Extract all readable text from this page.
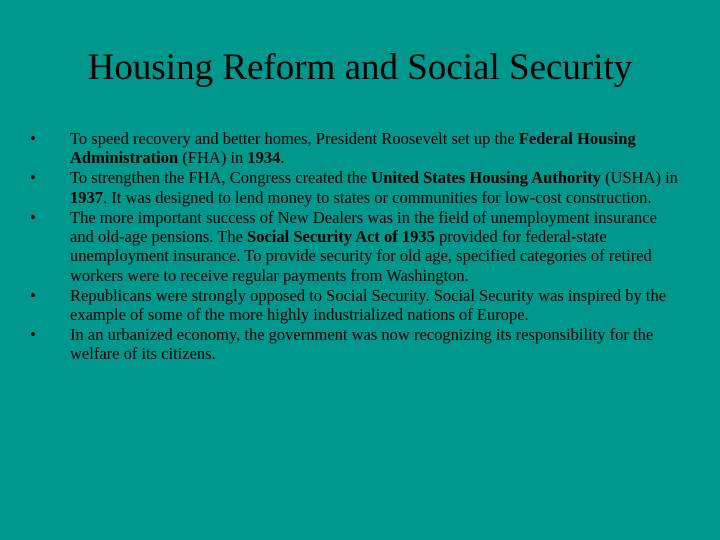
Housing Reform and Social Security
•	To speed recovery and better homes, President Roosevelt set up the Federal Housing Administration (FHA) in 1934.
•	To strengthen the FHA, Congress created the United States Housing Authority (USHA) in 1937. It was designed to lend money to states or communities for low-cost construction.
•	The more important success of New Dealers was in the field of unemployment insurance and old-age pensions. The Social Security Act of 1935 provided for federal-state unemployment insurance. To provide security for old age, specified categories of retired workers were to receive regular payments from Washington.
•	Republicans were strongly opposed to Social Security. Social Security was inspired by the example of some of the more highly industrialized nations of Europe.
•	In an urbanized economy, the government was now recognizing its responsibility for the welfare of its citizens.
